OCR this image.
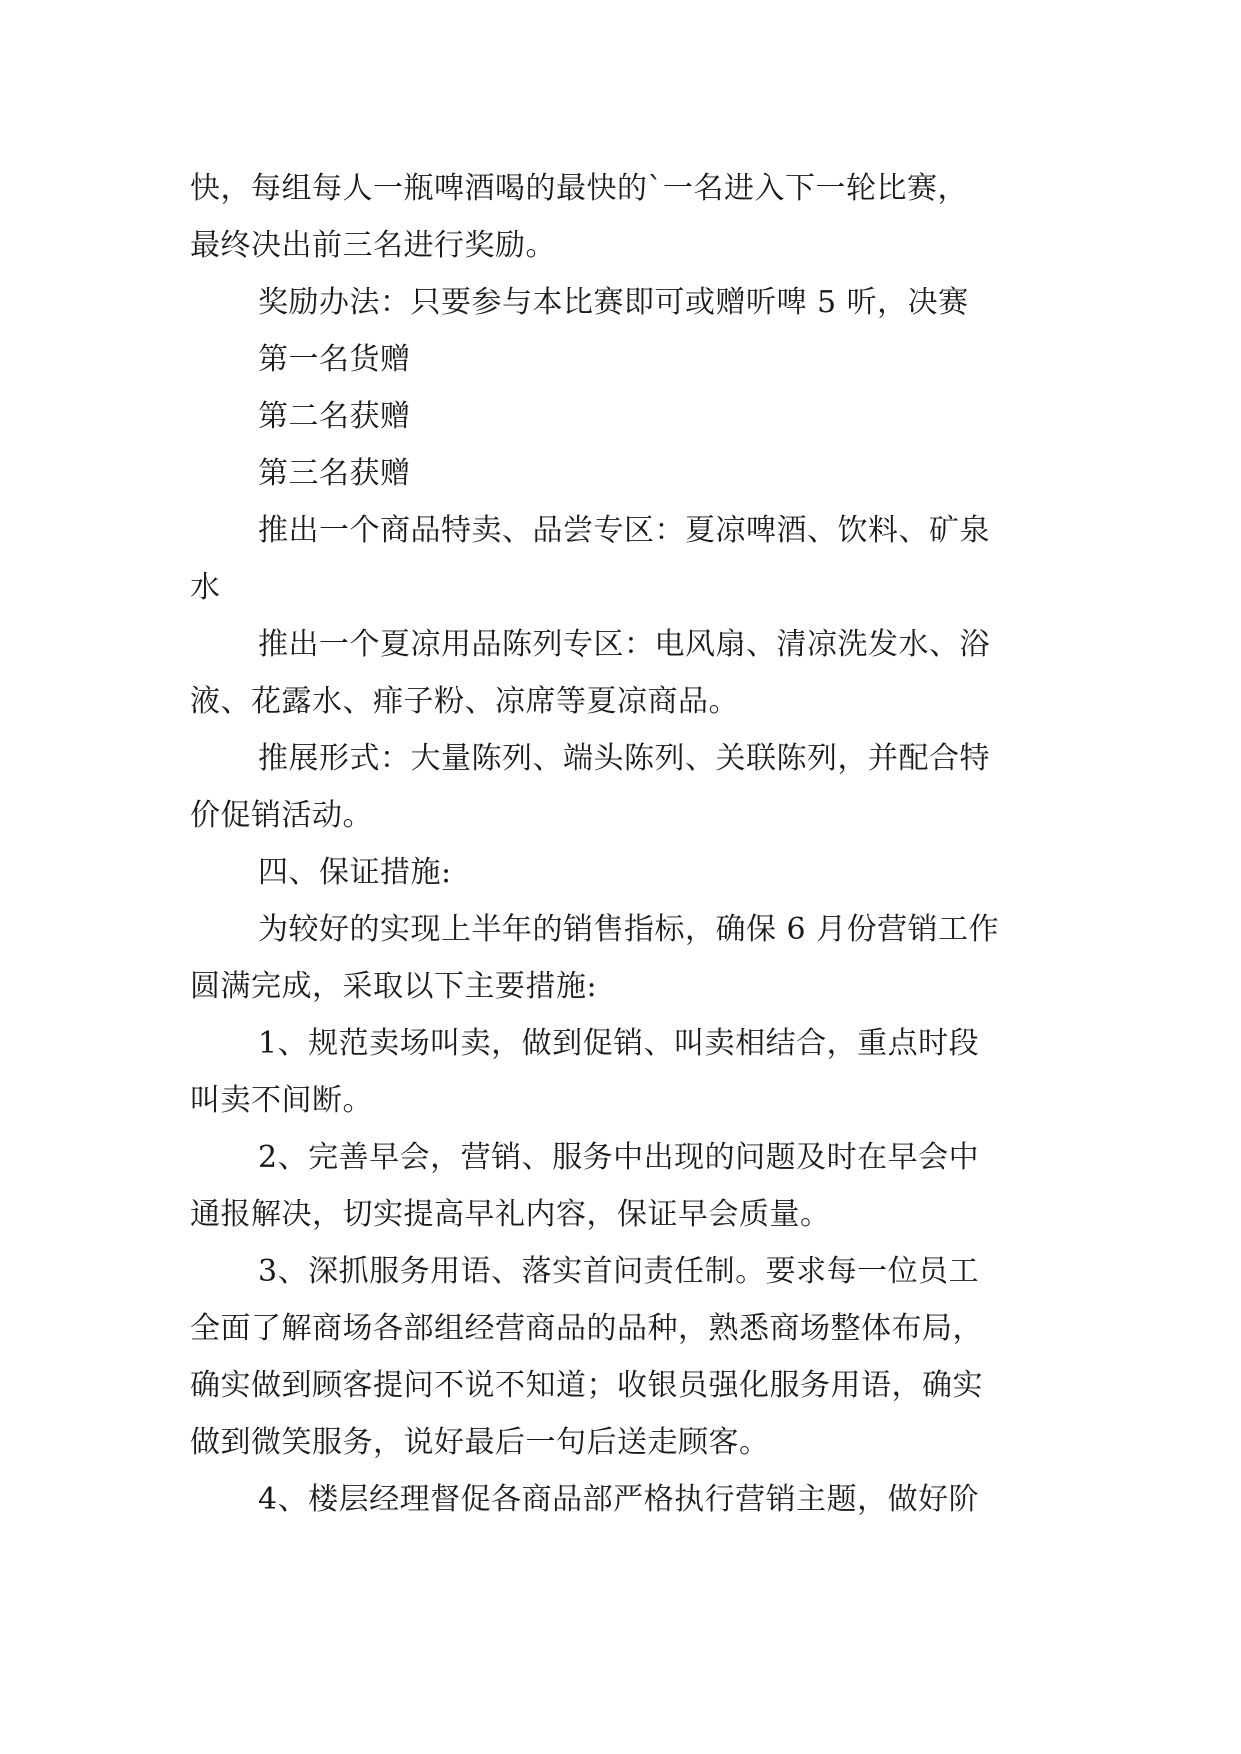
快，每组每人一瓶啤酒喝的最快的`一名进入下一轮比赛，
最终决出前三名进行奖励。
奖励办法：只要参与本比赛即可或赠听啤 5 听，决赛
第一名货赠
第二名获赠
第三名获赠
推出一个商品特卖、品尝专区：夏凉啤酒、饮料、矿泉
水
推出一个夏凉用品陈列专区：电风扇、清凉洗发水、浴
液、花露水、痱子粉、凉席等夏凉商品。
推展形式：大量陈列、端头陈列、关联陈列，并配合特
价促销活动。
四、保证措施:
为较好的实现上半年的销售指标，确保 6 月份营销工作
圆满完成，采取以下主要措施:
1、规范卖场叫卖，做到促销、叫卖相结合，重点时段
叫卖不间断。
2、完善早会，营销、服务中出现的问题及时在早会中
通报解决，切实提高早礼内容，保证早会质量。
3、深抓服务用语、落实首问责任制。要求每一位员工
全面了解商场各部组经营商品的品种，熟悉商场整体布局，
确实做到顾客提问不说不知道；收银员强化服务用语，确实
做到微笑服务，说好最后一句后送走顾客。
4、楼层经理督促各商品部严格执行营销主题，做好阶
